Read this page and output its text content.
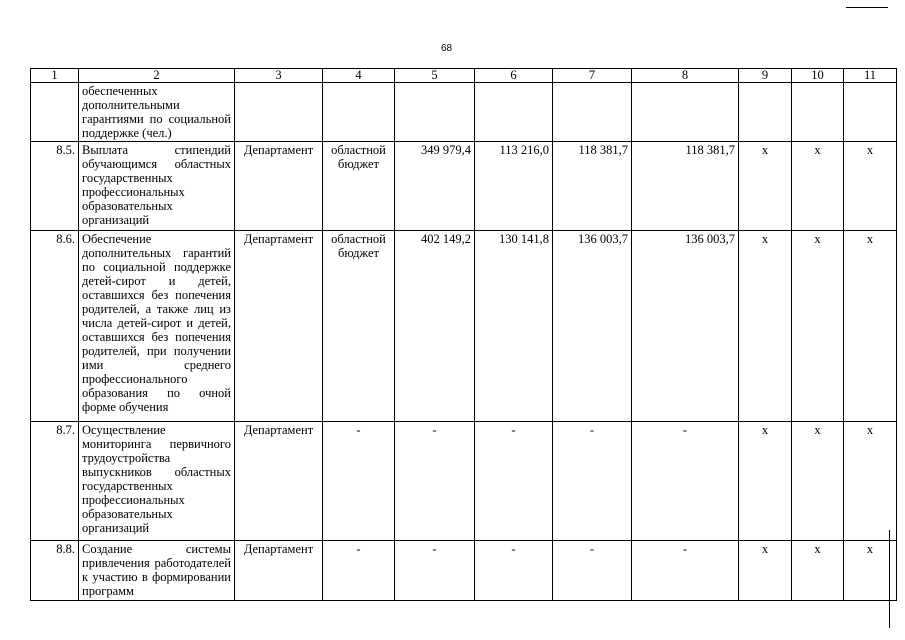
68
1	2	3	4	5	6	7	8	9	10	11
	обеспеченных дополнительными гарантиями по социальной поддержке (чел.)									
8.5.	Выплата стипендий обучающимся областных государственных профессиональных образовательных организаций	Департамент	областной бюджет	349 979,4	113 216,0	118 381,7	118 381,7	х	х	х
8.6.	Обеспечение дополнительных гарантий по социальной поддержке детей-сирот и детей, оставшихся без попечения родителей, а также лиц из числа детей-сирот и детей, оставшихся без попечения родителей, при получении ими среднего профессионального образования по очной форме обучения	Департамент	областной бюджет	402 149,2	130 141,8	136 003,7	136 003,7	х	х	х
8.7.	Осуществление мониторинга первичного трудоустройства выпускников областных государственных профессиональных образовательных организаций	Департамент	-	-	-	-	-	х	х	х
8.8.	Создание системы привлечения работодателей к участию в формировании программ	Департамент	-	-	-	-	-	х	х	х
